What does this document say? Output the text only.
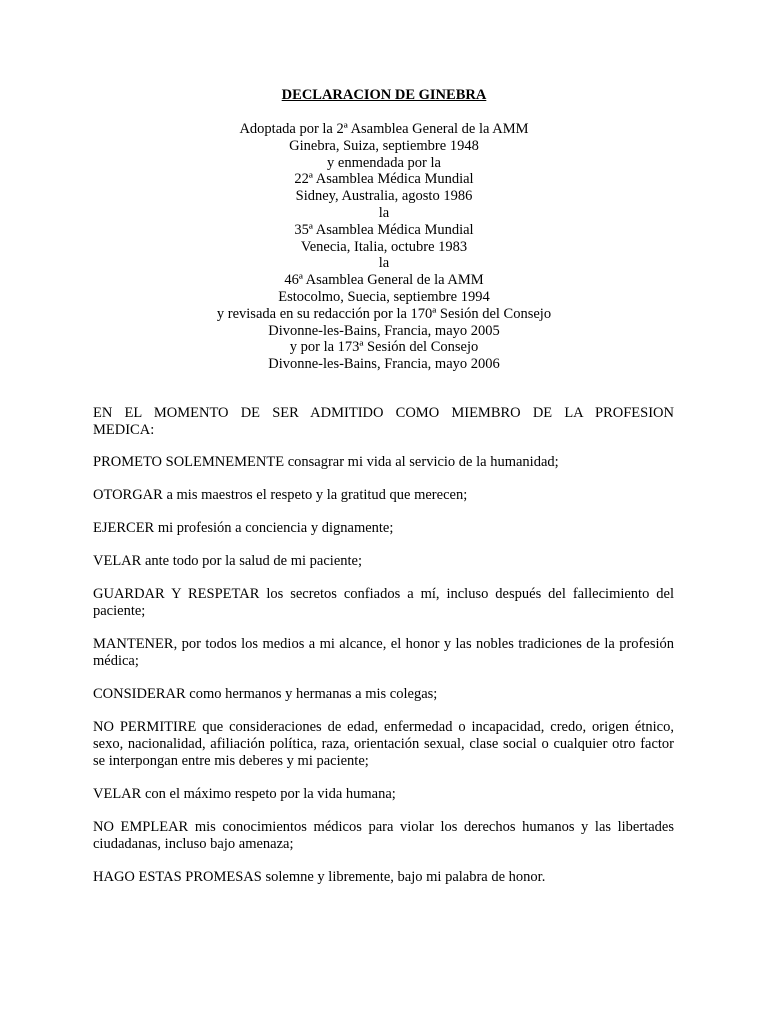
DECLARACION DE GINEBRA
Adoptada por la 2ª Asamblea General de la AMM
Ginebra, Suiza, septiembre 1948
y enmendada por la
22ª Asamblea Médica Mundial
Sidney, Australia, agosto 1986
la
35ª Asamblea Médica Mundial
Venecia, Italia, octubre 1983
la
46ª Asamblea General de la AMM
Estocolmo, Suecia, septiembre 1994
y revisada en su redacción por la 170ª Sesión del Consejo
Divonne-les-Bains, Francia, mayo 2005
y por la 173ª Sesión del Consejo
Divonne-les-Bains, Francia, mayo 2006

EN EL MOMENTO DE SER ADMITIDO COMO MIEMBRO DE LA PROFESION
MEDICA:

PROMETO SOLEMNEMENTE consagrar mi vida al servicio de la humanidad;

OTORGAR a mis maestros el respeto y la gratitud que merecen;

EJERCER mi profesión a conciencia y dignamente;

VELAR ante todo por la salud de mi paciente;

GUARDAR Y RESPETAR los secretos confiados a mí, incluso después del fallecimiento del paciente;

MANTENER, por todos los medios a mi alcance, el honor y las nobles tradiciones de la profesión médica;

CONSIDERAR como hermanos y hermanas a mis colegas;

NO PERMITIRE que consideraciones de edad, enfermedad o incapacidad, credo, origen étnico, sexo, nacionalidad, afiliación política, raza, orientación sexual, clase social o cualquier otro factor se interpongan entre mis deberes y mi paciente;

VELAR con el máximo respeto por la vida humana;

NO EMPLEAR mis conocimientos médicos para violar los derechos humanos y las libertades ciudadanas, incluso bajo amenaza;

HAGO ESTAS PROMESAS solemne y libremente, bajo mi palabra de honor.
